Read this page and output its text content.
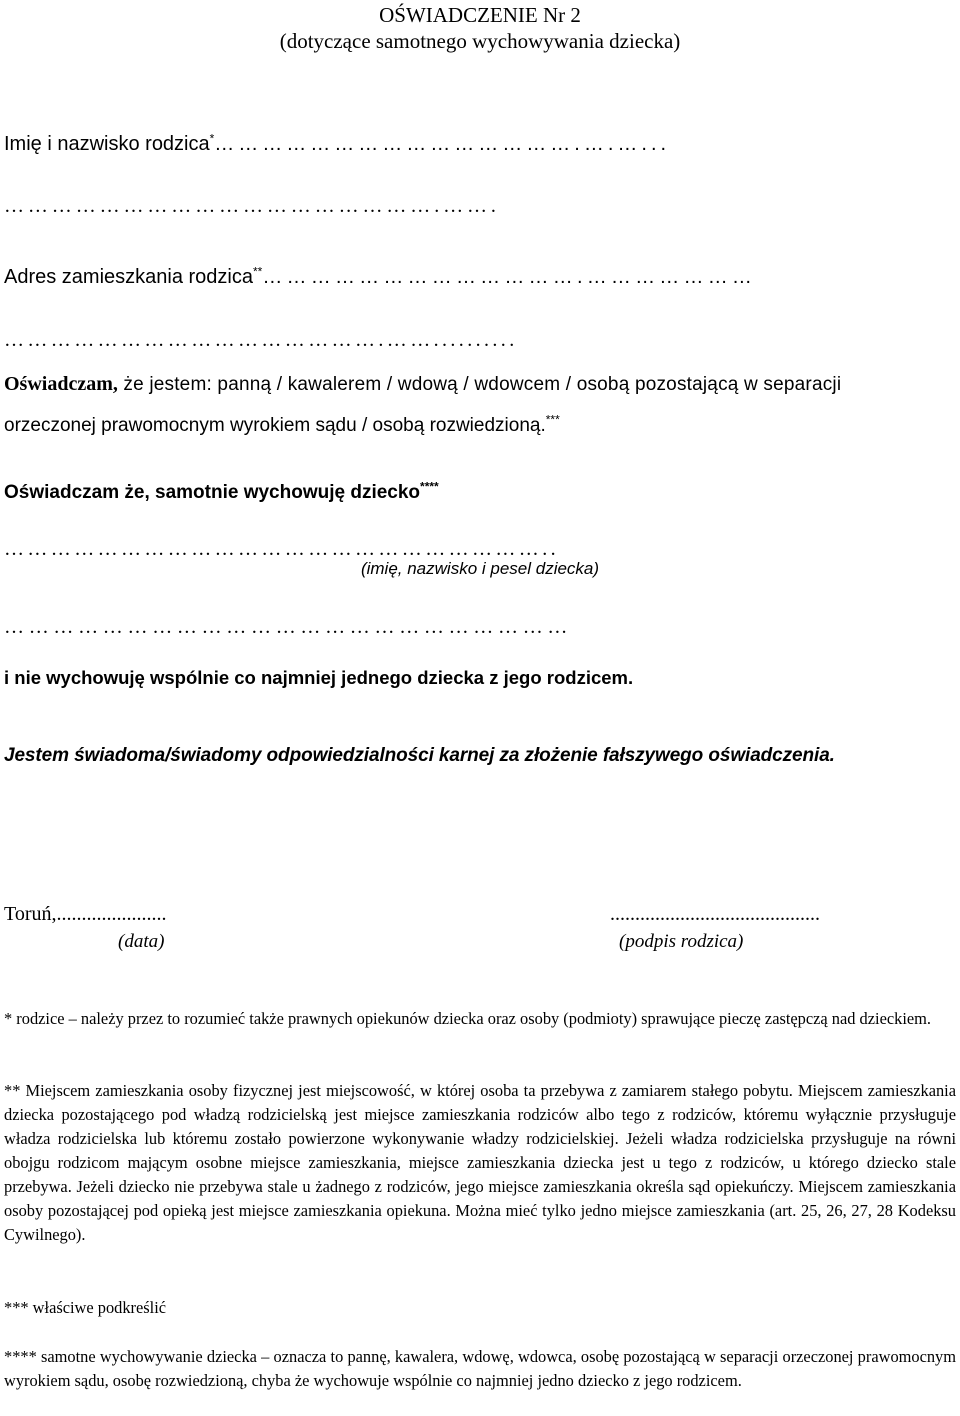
OŚWIADCZENIE Nr 2

(dotyczące samotnego wychowywania dziecka)

Imię i nazwisko rodzica*……………………………………….….…...

……………………………………………….…….

Adres zamieszkania rodzica**………………………………….…………………

………………………………………….……..........

Oświadczam, że jestem: panną / kawalerem / wdową / wdowcem / osobą pozostającą w separacji

orzeczonej prawomocnym wyrokiem sądu / osobą rozwiedzioną.***

Oświadczam że, samotnie wychowuję dziecko****

……………………………………………………………..

(imię, nazwisko i pesel dziecka)

……………………………………………………………

i nie wychowuję wspólnie co najmniej jednego dziecka z jego rodzicem.

Jestem świadoma/świadomy odpowiedzialności karnej za złożenie fałszywego oświadczenia.

Toruń,......................	..........................................

(data)	(podpis rodzica)

* rodzice – należy przez to rozumieć także prawnych opiekunów dziecka oraz osoby (podmioty) sprawujące pieczę zastępczą nad dzieckiem.

** Miejscem zamieszkania osoby fizycznej jest miejscowość, w której osoba ta przebywa z zamiarem stałego pobytu. Miejscem zamieszkania dziecka pozostającego pod władzą rodzicielską jest miejsce zamieszkania rodziców albo tego z rodziców, któremu wyłącznie przysługuje władza rodzicielska lub któremu zostało powierzone wykonywanie władzy rodzicielskiej. Jeżeli władza rodzicielska przysługuje na równi obojgu rodzicom mającym osobne miejsce zamieszkania, miejsce zamieszkania dziecka jest u tego z rodziców, u którego dziecko stale przebywa. Jeżeli dziecko nie przebywa stale u żadnego z rodziców, jego miejsce zamieszkania określa sąd opiekuńczy. Miejscem zamieszkania osoby pozostającej pod opieką jest miejsce zamieszkania opiekuna. Można mieć tylko jedno miejsce zamieszkania (art. 25, 26, 27, 28 Kodeksu Cywilnego).

*** właściwe podkreślić

**** samotne wychowywanie dziecka – oznacza to pannę, kawalera, wdowę, wdowca, osobę pozostającą w separacji orzeczonej prawomocnym wyrokiem sądu, osobę rozwiedzioną, chyba że wychowuje wspólnie co najmniej jedno dziecko z jego rodzicem.
